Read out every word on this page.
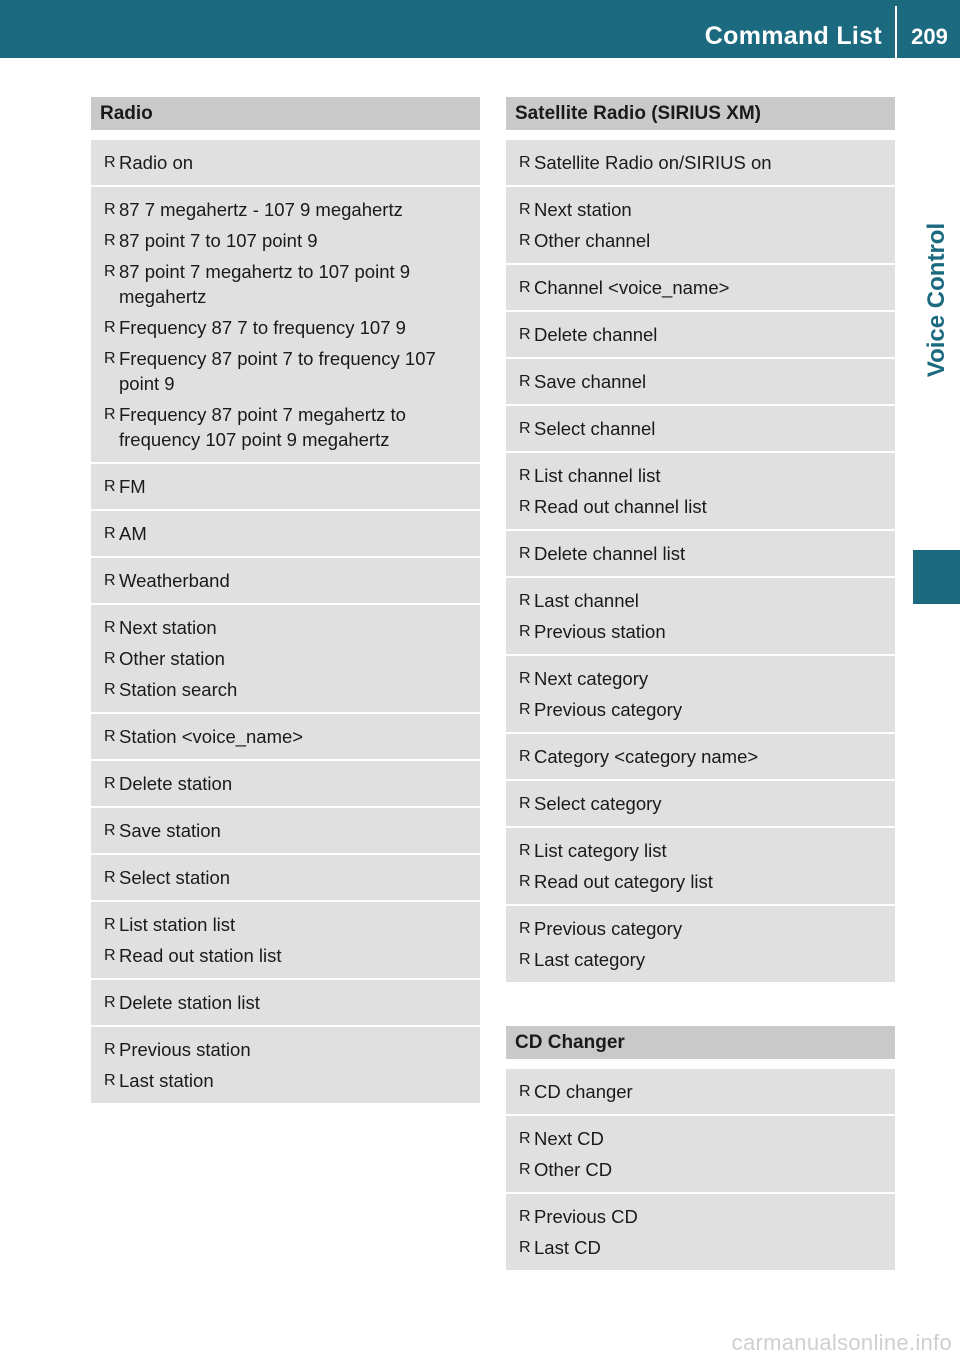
Command List	209
Voice Control
Radio
R Radio on
R 87 7 megahertz - 107 9 megahertz
R 87 point 7 to 107 point 9
R 87 point 7 megahertz to 107 point 9 megahertz
R Frequency 87 7 to frequency 107 9
R Frequency 87 point 7 to frequency 107 point 9
R Frequency 87 point 7 megahertz to frequency 107 point 9 megahertz
R FM
R AM
R Weatherband
R Next station
R Other station
R Station search
R Station <voice_name>
R Delete station
R Save station
R Select station
R List station list
R Read out station list
R Delete station list
R Previous station
R Last station
Satellite Radio (SIRIUS XM)
R Satellite Radio on/SIRIUS on
R Next station
R Other channel
R Channel <voice_name>
R Delete channel
R Save channel
R Select channel
R List channel list
R Read out channel list
R Delete channel list
R Last channel
R Previous station
R Next category
R Previous category
R Category <category name>
R Select category
R List category list
R Read out category list
R Previous category
R Last category
CD Changer
R CD changer
R Next CD
R Other CD
R Previous CD
R Last CD
carmanualsonline.info
